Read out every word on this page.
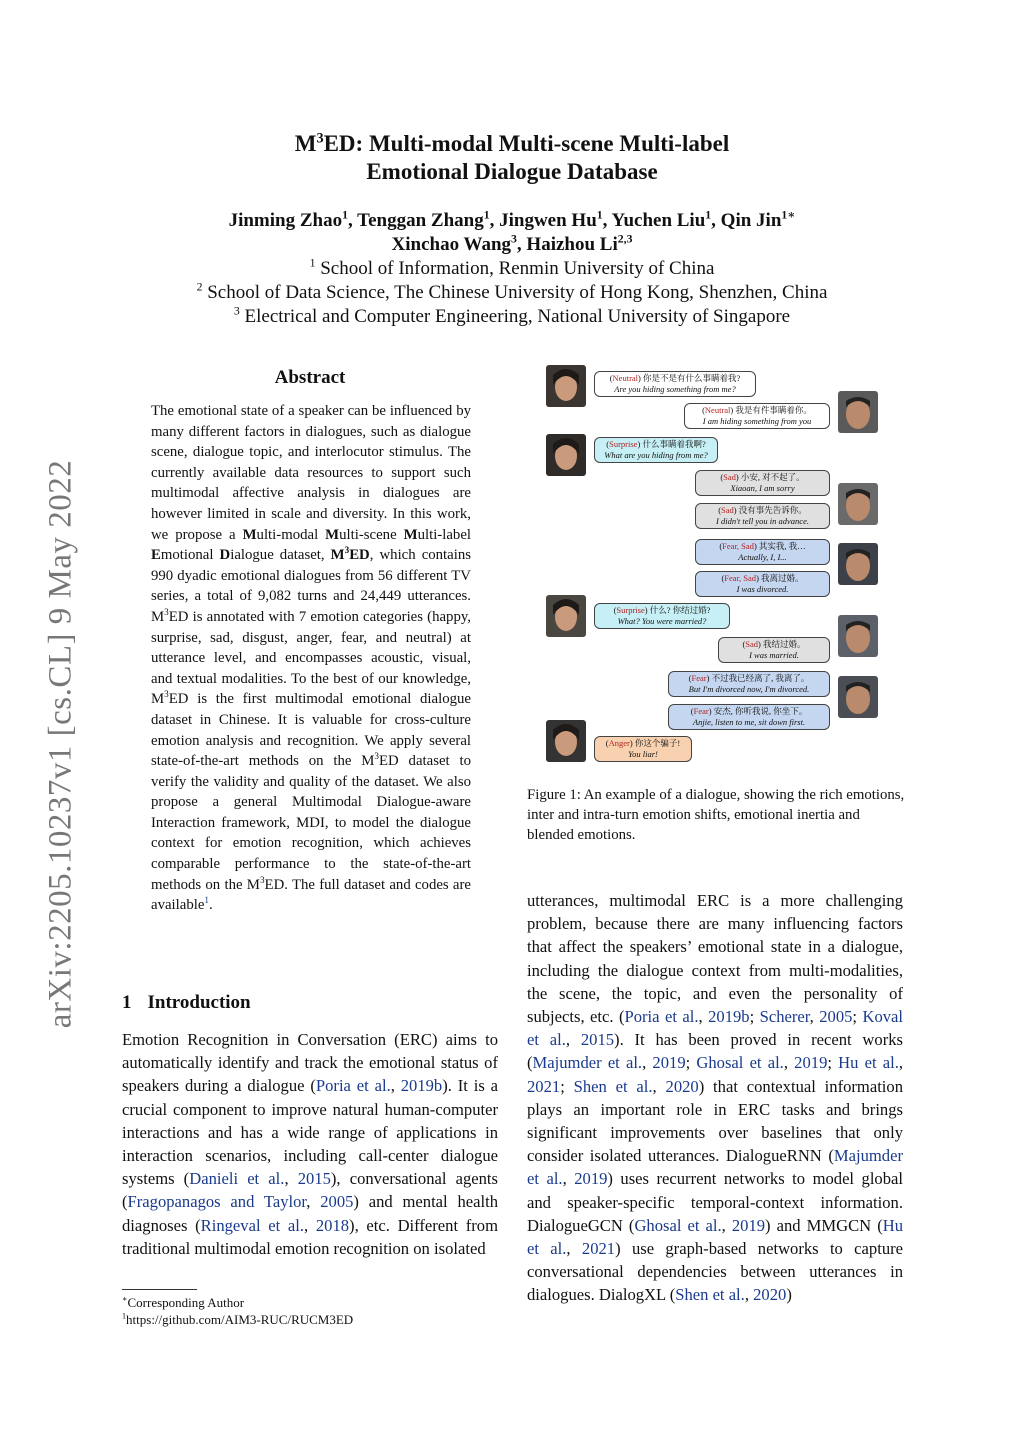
arXiv:2205.10237v1 [cs.CL] 9 May 2022
$M^3ED$: Multi-modal Multi-scene Multi-label
Emotional Dialogue Database
Jinming Zhao$^1$, Tenggan Zhang$^1$, Jingwen Hu$^1$, Yuchen Liu$^1$, Qin Jin$^{1∗}$
Xinchao Wang$^3$, Haizhou Li$^{2,3}$
$^1$ School of Information, Renmin University of China
$^2$ School of Data Science, The Chinese University of Hong Kong, Shenzhen, China
$^3$ Electrical and Computer Engineering, National University of Singapore
Abstract
The emotional state of a speaker can be influenced by many different factors in dialogues, such as dialogue scene, dialogue topic, and interlocutor stimulus. The currently available data resources to support such multimodal affective analysis in dialogues are however limited in scale and diversity. In this work, we propose a Multi-modal Multi-scene Multi-label Emotional Dialogue dataset, $M^3ED$, which contains 990 dyadic emotional dialogues from 56 different TV series, a total of 9,082 turns and 24,449 utterances. $M^3ED$ is annotated with 7 emotion categories (happy, surprise, sad, disgust, anger, fear, and neutral) at utterance level, and encompasses acoustic, visual, and textual modalities. To the best of our knowledge, $M^3ED$ is the first multimodal emotional dialogue dataset in Chinese. It is valuable for cross-culture emotion analysis and recognition. We apply several state-of-the-art methods on the $M^3ED$ dataset to verify the validity and quality of the dataset. We also propose a general Multimodal Dialogue-aware Interaction framework, MDI, to model the dialogue context for emotion recognition, which achieves comparable performance to the state-of-the-art methods on the $M^3ED$. The full dataset and codes are available$^1$.
1 Introduction
Emotion Recognition in Conversation (ERC) aims to automatically identify and track the emotional status of speakers during a dialogue (Poria et al., 2019b). It is a crucial component to improve natural human-computer interactions and has a wide range of applications in interaction scenarios, including call-center dialogue systems (Danieli et al., 2015), conversational agents (Fragopanagos and Taylor, 2005) and mental health diagnoses (Ringeval et al., 2018), etc. Different from traditional multimodal emotion recognition on isolated
utterances, multimodal ERC is a more challenging problem, because there are many influencing factors that affect the speakers’ emotional state in a dialogue, including the dialogue context from multi-modalities, the scene, the topic, and even the personality of subjects, etc. (Poria et al., 2019b; Scherer, 2005; Koval et al., 2015). It has been proved in recent works (Majumder et al., 2019; Ghosal et al., 2019; Hu et al., 2021; Shen et al., 2020) that contextual information plays an important role in ERC tasks and brings significant improvements over baselines that only consider isolated utterances. DialogueRNN (Majumder et al., 2019) uses recurrent networks to model global and speaker-specific temporal-context information. DialogueGCN (Ghosal et al., 2019) and MMGCN (Hu et al., 2021) use graph-based networks to capture conversational dependencies between utterances in dialogues. DialogXL (Shen et al., 2020)
∗Corresponding Author
$^1$https://github.com/AIM3-RUC/RUCM3ED
(Neutral) 你是不是有什么事瞒着我?
Are you hiding something from me?
(Neutral) 我是有件事瞒着你。
I am hiding something from you
(Surprise) 什么事瞒着我啊?
What are you hiding from me?
(Sad) 小安, 对不起了。
Xiaoan, I am sorry
(Sad) 没有事先告诉你。
I didn't tell you in advance.
(Fear, Sad) 其实我, 我…
Actually, I, I...
(Fear, Sad) 我离过婚。
I was divorced.
(Surprise) 什么? 你结过婚?
What? You were married?
(Sad) 我结过婚。
I was married.
(Fear) 不过我已经离了, 我离了。
But I'm divorced now, I'm divorced.
(Fear) 安杰, 你听我说, 你坐下。
Anjie, listen to me, sit down first.
(Anger) 你这个骗子!
You liar!
Figure 1: An example of a dialogue, showing the rich emotions, inter and intra-turn emotion shifts, emotional inertia and blended emotions.
